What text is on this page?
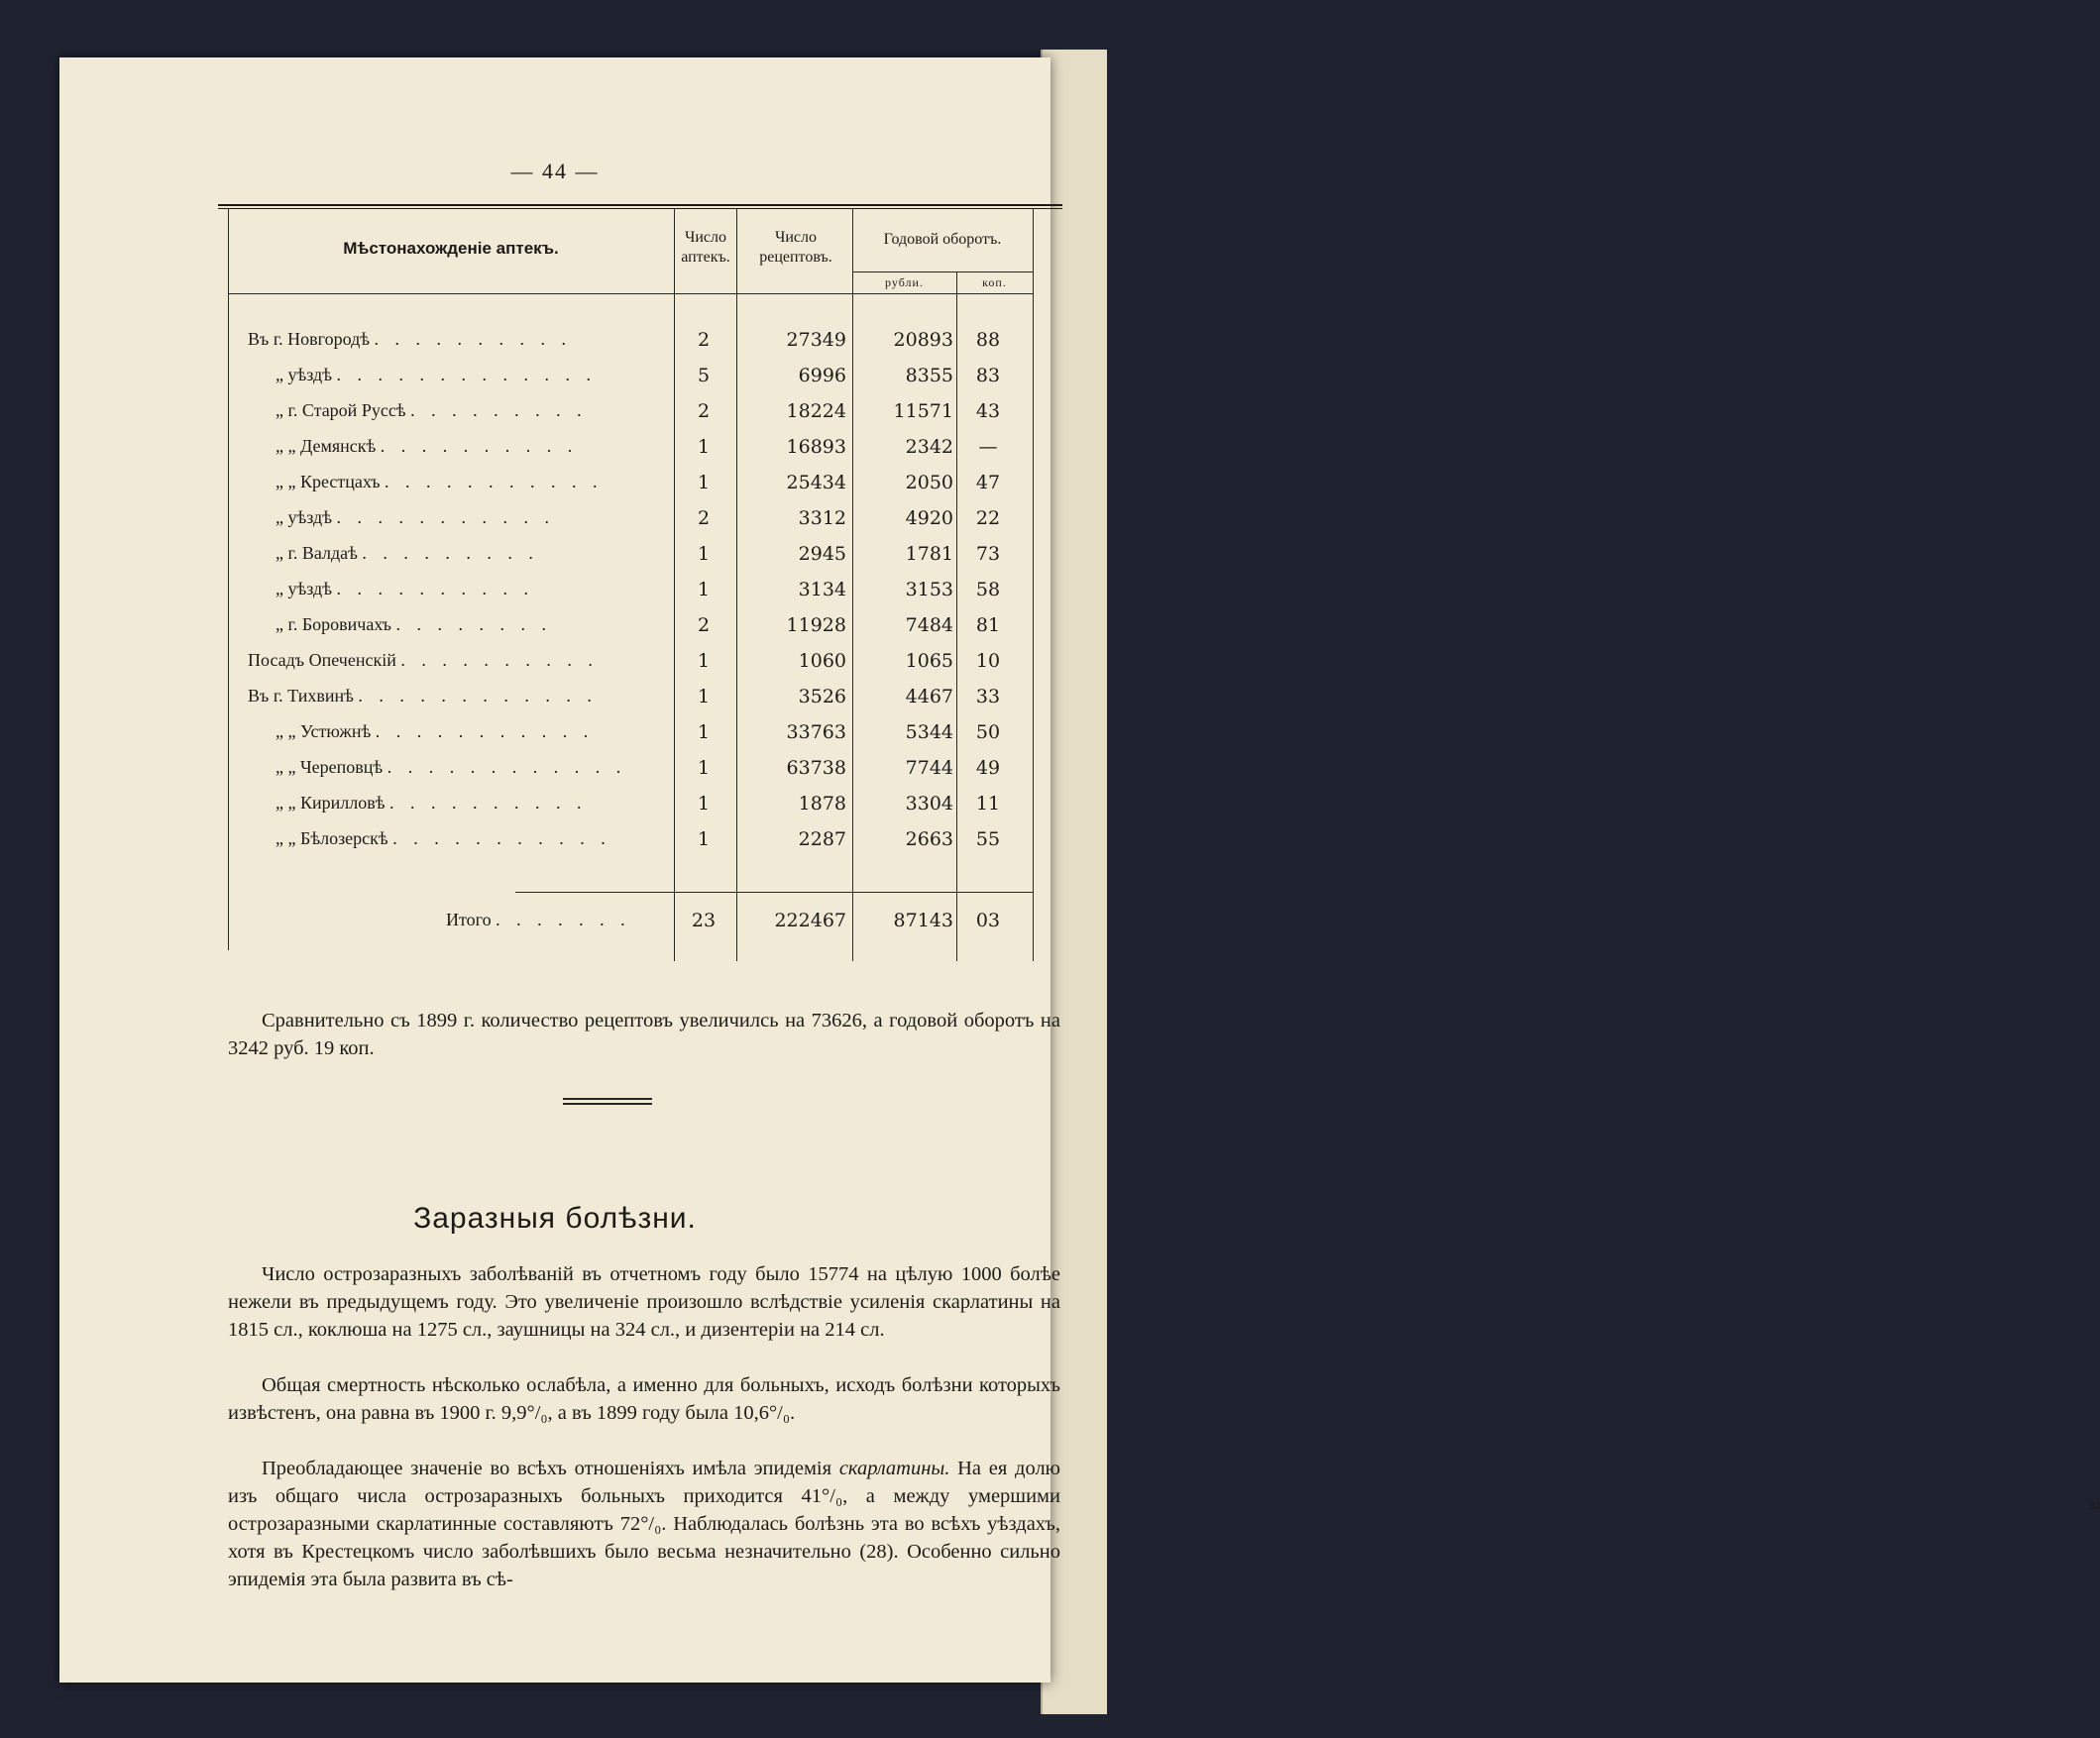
ві
— 44 —
Мѣстонахожденіе аптекъ.
Число аптекъ.
Число рецептовъ.
Годовой оборотъ.
рубли.	коп.
Въ г. Новгородѣ . . . . . . . . . .	2	27349	20893	88
„ уѣздѣ . . . . . . . . . . . . .	5	6996	8355	83
„ г. Старой Руссѣ . . . . . . . . .	2	18224	11571	43
„ „ Демянскѣ . . . . . . . . . .	1	16893	2342	—
„ „ Крестцахъ . . . . . . . . . . .	1	25434	2050	47
„ уѣздѣ . . . . . . . . . . .	2	3312	4920	22
„ г. Валдаѣ . . . . . . . . .	1	2945	1781	73
„ уѣздѣ . . . . . . . . . .	1	3134	3153	58
„ г. Боровичахъ . . . . . . . .	2	11928	7484	81
Посадъ Опеченскій . . . . . . . . . .	1	1060	1065	10
Въ г. Тихвинѣ . . . . . . . . . . . .	1	3526	4467	33
„ „ Устюжнѣ . . . . . . . . . . .	1	33763	5344	50
„ „ Череповцѣ . . . . . . . . . . . .	1	63738	7744	49
„ „ Кирилловѣ . . . . . . . . . .	1	1878	3304	11
„ „ Бѣлозерскѣ . . . . . . . . . . .	1	2287	2663	55
Итого . . . . . . .	23	222467	87143	03
Сравнительно съ 1899 г. количество рецептовъ увеличилсь на 73626, а годовой оборотъ на 3242 руб. 19 коп.
Заразныя болѣзни.
Число острозаразныхъ заболѣваній въ отчетномъ году было 15774 на цѣлую 1000 болѣе нежели въ предыдущемъ году. Это увеличеніе произошло вслѣдствіе усиленія скарлатины на 1815 сл., коклюша на 1275 сл., заушницы на 324 сл., и дизентеріи на 214 сл.
Общая смертность нѣсколько ослабѣла, а именно для больныхъ, исходъ болѣзни которыхъ извѣстенъ, она равна въ 1900 г. 9,9°/₀, а въ 1899 году была 10,6°/₀.
Преобладающее значеніе во всѣхъ отношеніяхъ имѣла эпидемія скарлатины. На ея долю изъ общаго числа острозаразныхъ больныхъ приходится 41°/₀, а между умершими острозаразными скарлатинные составляютъ 72°/₀. Наблюдалась болѣзнь эта во всѣхъ уѣздахъ, хотя въ Крестецкомъ число заболѣвшихъ было весьма незначительно (28). Особенно сильно эпидемія эта была развита въ сѣ-
